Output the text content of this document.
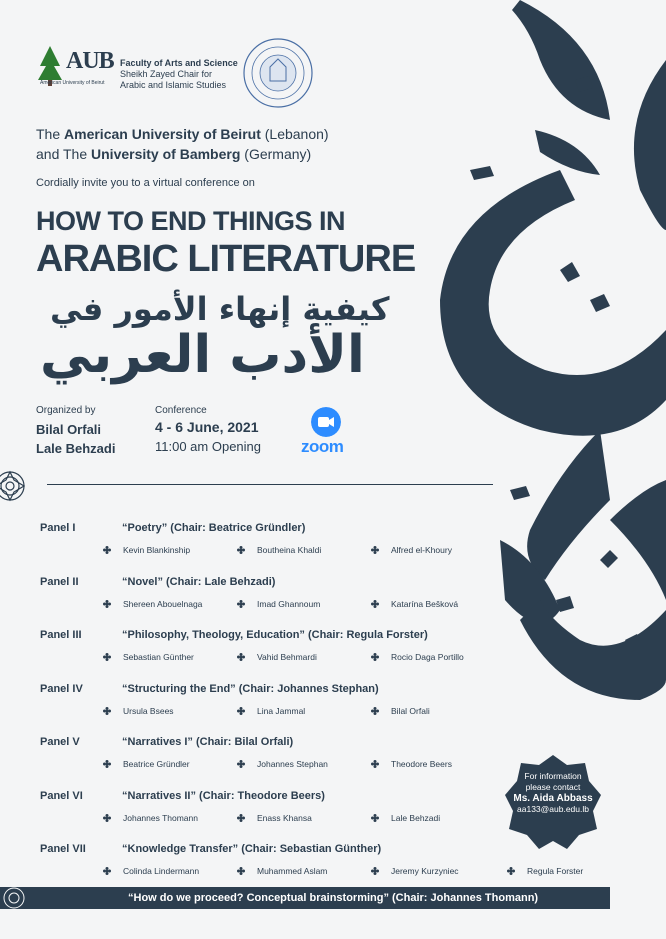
AUB
American University of Beirut
Faculty of Arts and Science
Sheikh Zayed Chair for
Arabic and Islamic Studies
The American University of Beirut (Lebanon)
and The University of Bamberg (Germany)
Cordially invite you to a virtual conference on
HOW TO END THINGS IN
ARABIC LITERATURE
كيفية إنهاء الأمور في
الأدب العربي
Organized by
Bilal Orfali
Lale Behzadi
Conference
4 - 6 June, 2021
11:00 am Opening zoom
Panel I	“Poetry” (Chair: Beatrice Gründler)
Kevin Blankinship	Boutheina Khaldi	Alfred el-Khoury
Panel II	“Novel” (Chair: Lale Behzadi)
Shereen Abouelnaga	Imad Ghannoum	Katarína Bešková
Panel III	“Philosophy, Theology, Education” (Chair: Regula Forster)
Sebastian Günther	Vahid Behmardi	Rocio Daga Portillo
Panel IV	“Structuring the End” (Chair: Johannes Stephan)
Ursula Bsees	Lina Jammal	Bilal Orfali
Panel V	“Narratives I” (Chair: Bilal Orfali)
Beatrice Gründler	Johannes Stephan	Theodore Beers
Panel VI	“Narratives II” (Chair: Theodore Beers)
Johannes Thomann	Enass Khansa	Lale Behzadi
Panel VII	“Knowledge Transfer” (Chair: Sebastian Günther)
Colinda Lindermann	Muhammed Aslam	Jeremy Kurzyniec	Regula Forster
For information
please contact
Ms. Aida Abbass
aa133@aub.edu.lb
“How do we proceed? Conceptual brainstorming” (Chair: Johannes Thomann)
